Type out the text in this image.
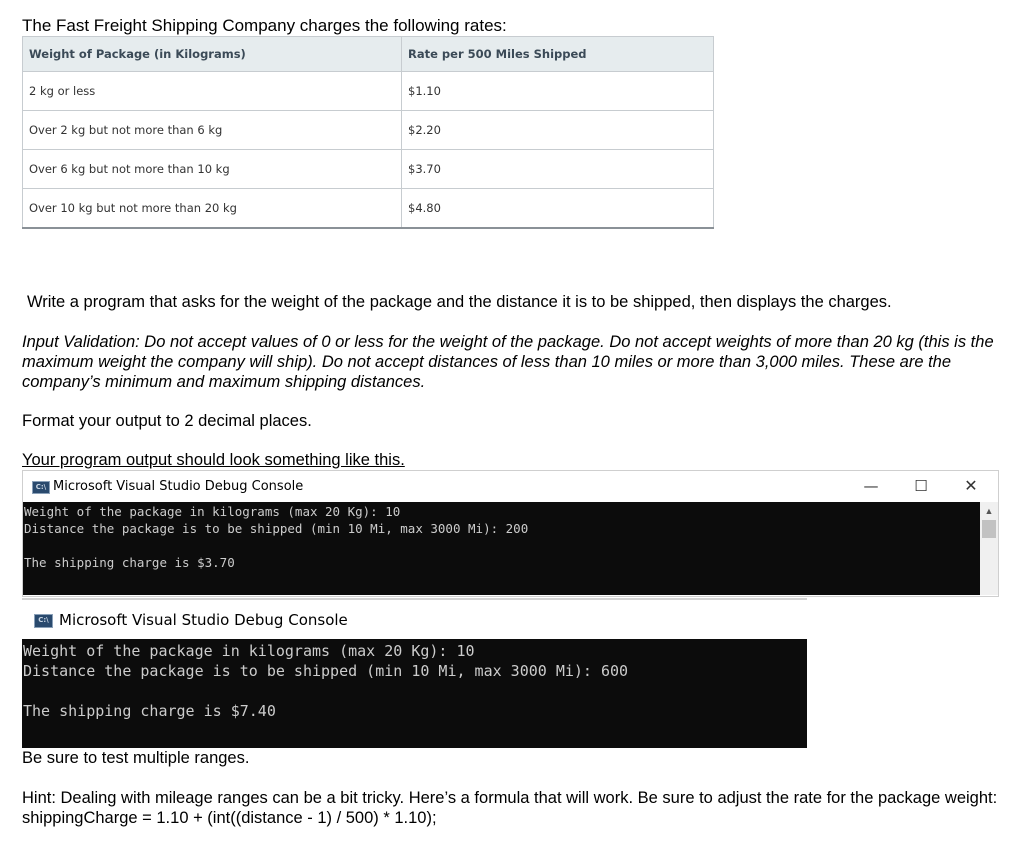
The Fast Freight Shipping Company charges the following rates:
Weight of Package (in Kilograms)	Rate per 500 Miles Shipped
2 kg or less	$1.10
Over 2 kg but not more than 6 kg	$2.20
Over 6 kg but not more than 10 kg	$3.70
Over 10 kg but not more than 20 kg	$4.80
Write a program that asks for the weight of the package and the distance it is to be shipped, then displays the charges.
Input Validation: Do not accept values of 0 or less for the weight of the package. Do not accept weights of more than 20 kg (this is the maximum weight the company will ship). Do not accept distances of less than 10 miles or more than 3,000 miles. These are the company’s minimum and maximum shipping distances.
Format your output to 2 decimal places.
Your program output should look something like this.
C:\ Microsoft Visual Studio Debug Console	—	☐	✕
Weight of the package in kilograms (max 20 Kg): 10
Distance the package is to be shipped (min 10 Mi, max 3000 Mi): 200

The shipping charge is $3.70
▲
C:\ Microsoft Visual Studio Debug Console
Weight of the package in kilograms (max 20 Kg): 10
Distance the package is to be shipped (min 10 Mi, max 3000 Mi): 600

The shipping charge is $7.40
Be sure to test multiple ranges.
Hint: Dealing with mileage ranges can be a bit tricky. Here’s a formula that will work. Be sure to adjust the rate for the package weight: shippingCharge = 1.10 + (int((distance - 1) / 500) * 1.10);
